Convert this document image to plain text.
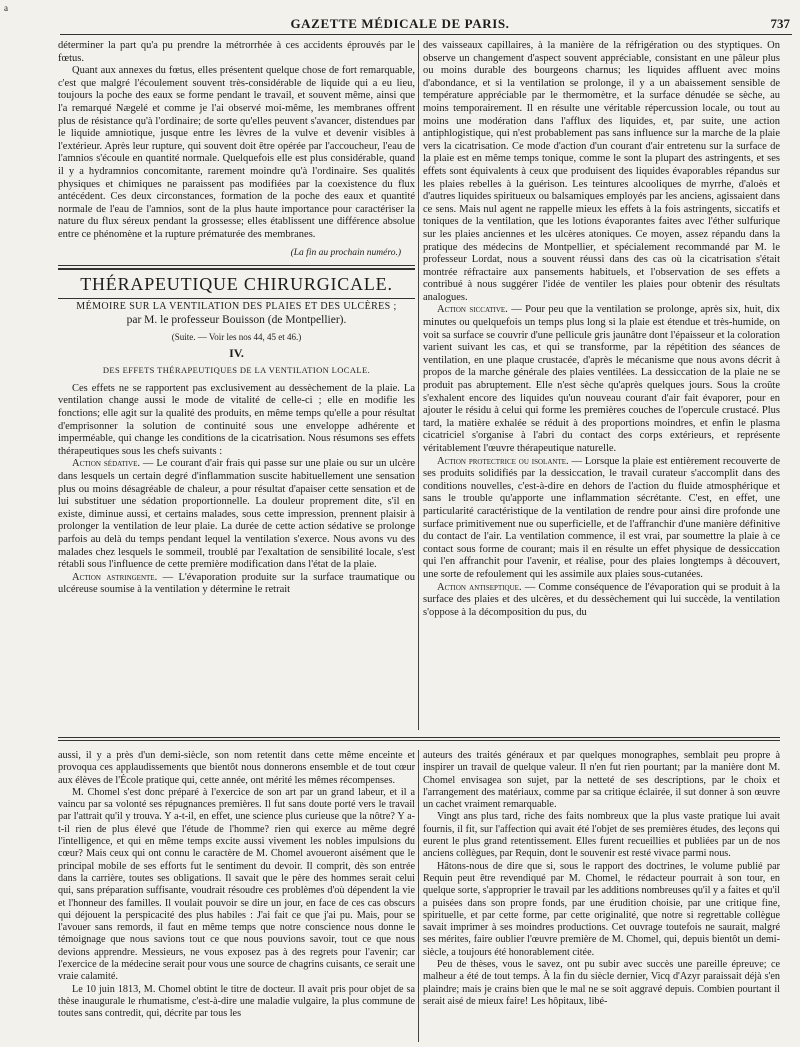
a
GAZETTE MÉDICALE DE PARIS.	737

déterminer la part qu'a pu prendre la métrorrhée à ces accidents éprouvés par le fœtus.

Quant aux annexes du fœtus, elles présentent quelque chose de fort remarquable, c'est que malgré l'écoulement souvent très-considérable de liquide qui a eu lieu, toujours la poche des eaux se forme pendant le travail, et souvent même, ainsi que l'a remarqué Nægelé et comme je l'ai observé moi-même, les membranes offrent plus de résistance qu'à l'ordinaire; de sorte qu'elles peuvent s'avancer, distendues par le liquide amniotique, jusque entre les lèvres de la vulve et devenir visibles à l'extérieur. Après leur rupture, qui souvent doit être opérée par l'accoucheur, l'eau de l'amnios s'écoule en quantité normale. Quelquefois elle est plus considérable, quand il y a hydramnios concomitante, rarement moindre qu'à l'ordinaire. Ses qualités physiques et chimiques ne paraissent pas modifiées par la coexistence du flux antécédent. Ces deux circonstances, formation de la poche des eaux et quantité normale de l'eau de l'amnios, sont de la plus haute importance pour caractériser la nature du flux séreux pendant la grossesse; elles établissent une différence absolue entre ce phénomène et la rupture prématurée des membranes.

(La fin au prochain numéro.)
THÉRAPEUTIQUE CHIRURGICALE.
MÉMOIRE SUR LA VENTILATION DES PLAIES ET DES ULCÈRES ;
par M. le professeur Bouisson (de Montpellier).
(Suite. — Voir les nos 44, 45 et 46.)
IV.
DES EFFETS THÉRAPEUTIQUES DE LA VENTILATION LOCALE.

Ces effets ne se rapportent pas exclusivement au dessèchement de la plaie. La ventilation change aussi le mode de vitalité de celle-ci ; elle en modifie les fonctions; elle agit sur la qualité des produits, en même temps qu'elle a pour résultat d'emprisonner la solution de continuité sous une enveloppe adhérente et imperméable, qui change les conditions de la cicatrisation. Nous résumons ses effets thérapeutiques sous les chefs suivants :

Action sédative. — Le courant d'air frais qui passe sur une plaie ou sur un ulcère dans lesquels un certain degré d'inflammation suscite habituellement une sensation plus ou moins désagréable de chaleur, a pour résultat d'apaiser cette sensation et de lui substituer une sédation proportionnelle. La douleur proprement dite, s'il en existe, diminue aussi, et certains malades, sous cette impression, prennent plaisir à prolonger la ventilation de leur plaie. La durée de cette action sédative se prolonge parfois au delà du temps pendant lequel la ventilation s'exerce. Nous avons vu des malades chez lesquels le sommeil, troublé par l'exaltation de sensibilité locale, s'est rétabli sous l'influence de cette première modification dans l'état de la plaie.

Action astringente. — L'évaporation produite sur la surface traumatique ou ulcéreuse soumise à la ventilation y détermine le retrait

des vaisseaux capillaires, à la manière de la réfrigération ou des styptiques. On observe un changement d'aspect souvent appréciable, consistant en une pâleur plus ou moins durable des bourgeons charnus; les liquides affluent avec moins d'abondance, et si la ventilation se prolonge, il y a un abaissement sensible de température appréciable par le thermomètre, et la surface dénudée se sèche, au moins temporairement. Il en résulte une véritable répercussion locale, ou tout au moins une modération dans l'afflux des liquides, et, par suite, une action antiphlogistique, qui n'est probablement pas sans influence sur la marche de la plaie vers la cicatrisation. Ce mode d'action d'un courant d'air entretenu sur la surface de la plaie est en même temps tonique, comme le sont la plupart des astringents, et ses effets sont équivalents à ceux que produisent des liquides évaporables répandus sur les plaies rebelles à la guérison. Les teintures alcooliques de myrrhe, d'aloès et d'autres liquides spiritueux ou balsamiques employés par les anciens, agissaient dans ce sens. Mais nul agent ne rappelle mieux les effets à la fois astringents, siccatifs et toniques de la ventilation, que les lotions évaporantes faites avec l'éther sulfurique sur les plaies anciennes et les ulcères atoniques. Ce moyen, assez répandu dans la pratique des médecins de Montpellier, et spécialement recommandé par M. le professeur Lordat, nous a souvent réussi dans des cas où la cicatrisation s'était montrée réfractaire aux pansements habituels, et l'observation de ses effets a contribué à nous suggérer l'idée de ventiler les plaies pour obtenir des résultats analogues.

Action siccative. — Pour peu que la ventilation se prolonge, après six, huit, dix minutes ou quelquefois un temps plus long si la plaie est étendue et très-humide, on voit sa surface se couvrir d'une pellicule gris jaunâtre dont l'épaisseur et la coloration varient suivant les cas, et qui se transforme, par la répétition des séances de ventilation, en une plaque crustacée, d'après le mécanisme que nous avons décrit à propos de la marche générale des plaies ventilées. La dessiccation de la plaie ne se produit pas abruptement. Elle n'est sèche qu'après quelques jours. Sous la croûte s'exhalent encore des liquides qu'un nouveau courant d'air fait évaporer, pour en ajouter le résidu à celui qui forme les premières couches de l'opercule crustacé. Plus tard, la matière exhalée se réduit à des proportions moindres, et enfin le plasma cicatriciel s'organise à l'abri du contact des corps extérieurs, et représente véritablement l'œuvre thérapeutique naturelle.

Action protectrice ou isolante. — Lorsque la plaie est entièrement recouverte de ses produits solidifiés par la dessiccation, le travail curateur s'accomplit dans des conditions nouvelles, c'est-à-dire en dehors de l'action du fluide atmosphérique et sans le trouble qu'apporte une inflammation sécrétante. C'est, en effet, une particularité caractéristique de la ventilation de rendre pour ainsi dire profonde une surface primitivement nue ou superficielle, et de l'affranchir d'une manière définitive du contact de l'air. La ventilation commence, il est vrai, par soumettre la plaie à ce contact sous forme de courant; mais il en résulte un effet physique de dessiccation qui l'en affranchit pour l'avenir, et réalise, pour des plaies longtemps à découvert, une sorte de refoulement qui les assimile aux plaies sous-cutanées.

Action antiseptique. — Comme conséquence de l'évaporation qui se produit à la surface des plaies et des ulcères, et du dessèchement qui lui succède, la ventilation s'oppose à la décomposition du pus, du

aussi, il y a près d'un demi-siècle, son nom retentit dans cette même enceinte et provoqua ces applaudissements que bientôt nous donnerons ensemble et de tout cœur aux élèves de l'École pratique qui, cette année, ont mérité les mêmes récompenses.

M. Chomel s'est donc préparé à l'exercice de son art par un grand labeur, et il a vaincu par sa volonté ses répugnances premières. Il fut sans doute porté vers le travail par l'attrait qu'il y trouva. Y a-t-il, en effet, une science plus curieuse que la nôtre? Y a-t-il rien de plus élevé que l'étude de l'homme? rien qui exerce au même degré l'intelligence, et qui en même temps excite aussi vivement les nobles impulsions du cœur? Mais ceux qui ont connu le caractère de M. Chomel avoueront aisément que le principal mobile de ses efforts fut le sentiment du devoir. Il comprit, dès son entrée dans la carrière, toutes ses obligations. Il savait que le père des hommes serait celui qui, sans préparation suffisante, voudrait résoudre ces problèmes d'où dépendent la vie et l'honneur des familles. Il voulait pouvoir se dire un jour, en face de ces cas obscurs qui déjouent la perspicacité des plus habiles : J'ai fait ce que j'ai pu. Mais, pour se l'avouer sans remords, il faut en même temps que notre conscience nous donne le témoignage que nous savions tout ce que nous pouvions savoir, tout ce que nous devions apprendre. Messieurs, ne vous exposez pas à des regrets pour l'avenir; car l'exercice de la médecine serait pour vous une source de chagrins cuisants, ce serait une vraie calamité.

Le 10 juin 1813, M. Chomel obtint le titre de docteur. Il avait pris pour objet de sa thèse inaugurale le rhumatisme, c'est-à-dire une maladie vulgaire, la plus commune de toutes sans contredit, qui, décrite par tous les

auteurs des traités généraux et par quelques monographes, semblait peu propre à inspirer un travail de quelque valeur. Il n'en fut rien pourtant; par la manière dont M. Chomel envisagea son sujet, par la netteté de ses descriptions, par le choix et l'arrangement des matériaux, comme par sa critique éclairée, il sut donner à son œuvre un cachet vraiment remarquable.

Vingt ans plus tard, riche des faits nombreux que la plus vaste pratique lui avait fournis, il fit, sur l'affection qui avait été l'objet de ses premières études, des leçons qui eurent le plus grand retentissement. Elles furent recueillies et publiées par un de nos anciens collègues, par Requin, dont le souvenir est resté vivace parmi nous.

Hâtons-nous de dire que si, sous le rapport des doctrines, le volume publié par Requin peut être revendiqué par M. Chomel, le rédacteur pourrait à son tour, en quelque sorte, s'approprier le travail par les additions nombreuses qu'il y a faites et qu'il a puisées dans son propre fonds, par une érudition choisie, par une critique fine, spirituelle, et par cette forme, par cette originalité, que notre si regrettable collègue savait imprimer à ses moindres productions. Cet ouvrage toutefois ne saurait, malgré ses mérites, faire oublier l'œuvre première de M. Chomel, qui, depuis bientôt un demi-siècle, a toujours été honorablement citée.

Peu de thèses, vous le savez, ont pu subir avec succès une pareille épreuve; ce malheur a été de tout temps. À la fin du siècle dernier, Vicq d'Azyr paraissait déjà s'en plaindre; mais je crains bien que le mal ne se soit aggravé depuis. Combien pourtant il serait aisé de mieux faire! Les hôpitaux, libé-
